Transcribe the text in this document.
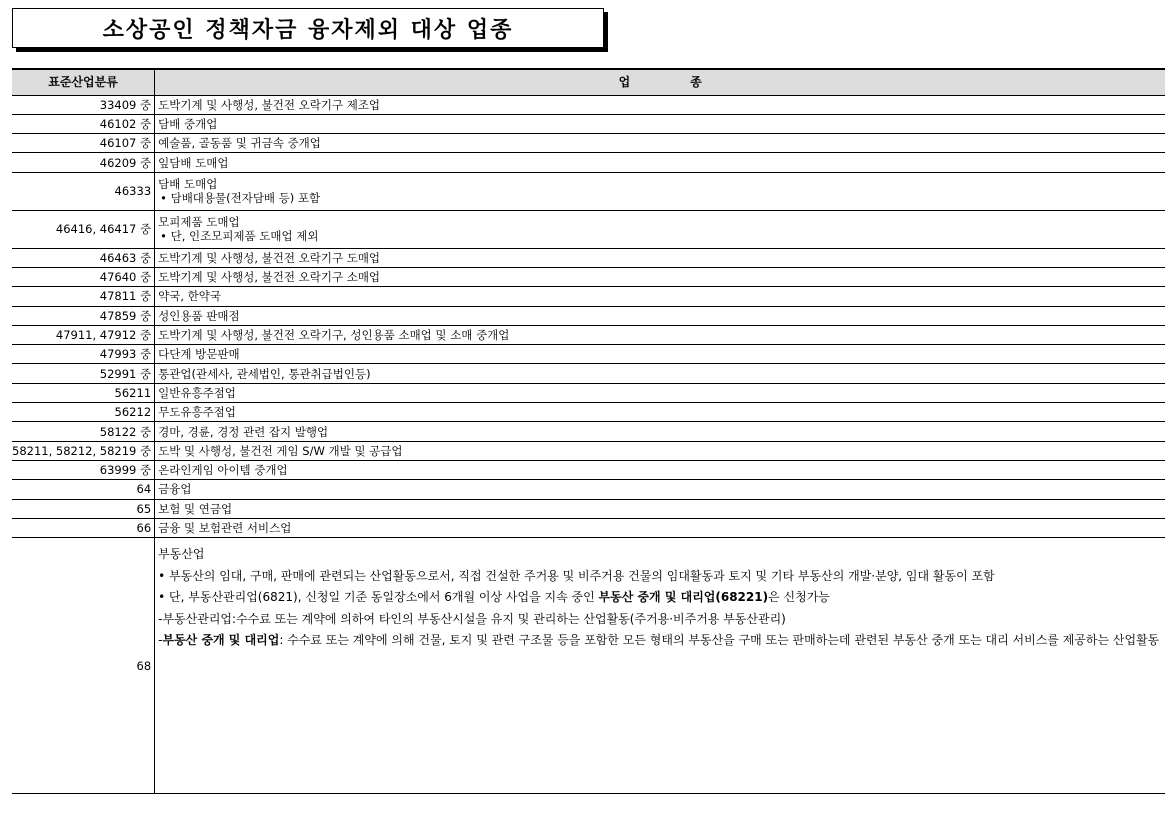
소상공인 정책자금 융자제외 대상 업종
표준산업분류	업종
33409 중	도박기계 및 사행성, 불건전 오락기구 제조업

46102 중	담배 중개업

46107 중	예술품, 골동품 및 귀금속 중개업

46209 중	잎담배 도매업

46333	담배 도매업
• 담배대용물(전자담배 등) 포함

46416, 46417 중	모피제품 도매업
• 단, 인조모피제품 도매업 제외

46463 중	도박기계 및 사행성, 불건전 오락기구 도매업

47640 중	도박기계 및 사행성, 불건전 오락기구 소매업

47811 중	약국, 한약국

47859 중	성인용품 판매점

47911, 47912 중	도박기계 및 사행성, 불건전 오락기구, 성인용품 소매업 및 소매 중개업

47993 중	다단계 방문판매

52991 중	통관업(관세사, 관세법인, 통관취급법인등)

56211	일반유흥주점업

56212	무도유흥주점업

58122 중	경마, 경륜, 경정 관련 잡지 발행업

58211, 58212, 58219 중	도박 및 사행성, 불건전 게임 S/W 개발 및 공급업

63999 중	온라인게임 아이템 중개업

64	금융업

65	보험 및 연금업

66	금융 및 보험관련 서비스업

68	부동산업
• 부동산의 임대, 구매, 판매에 관련되는 산업활동으로서, 직접 건설한 주거용 및 비주거용 건물의 임대활동과 토지 및 기타 부동산의 개발·분양, 임대 활동이 포함
• 단, 부동산관리업(6821), 신청일 기준 동일장소에서 6개월 이상 사업을 지속 중인 부동산 중개 및 대리업(68221)은 신청가능
-부동산관리업:수수료 또는 계약에 의하여 타인의 부동산시설을 유지 및 관리하는 산업활동(주거용·비주거용 부동산관리)
-부동산 중개 및 대리업: 수수료 또는 계약에 의해 건물, 토지 및 관련 구조물 등을 포함한 모든 형태의 부동산을 구매 또는 판매하는데 관련된 부동산 중개 또는 대리 서비스를 제공하는 산업활동
